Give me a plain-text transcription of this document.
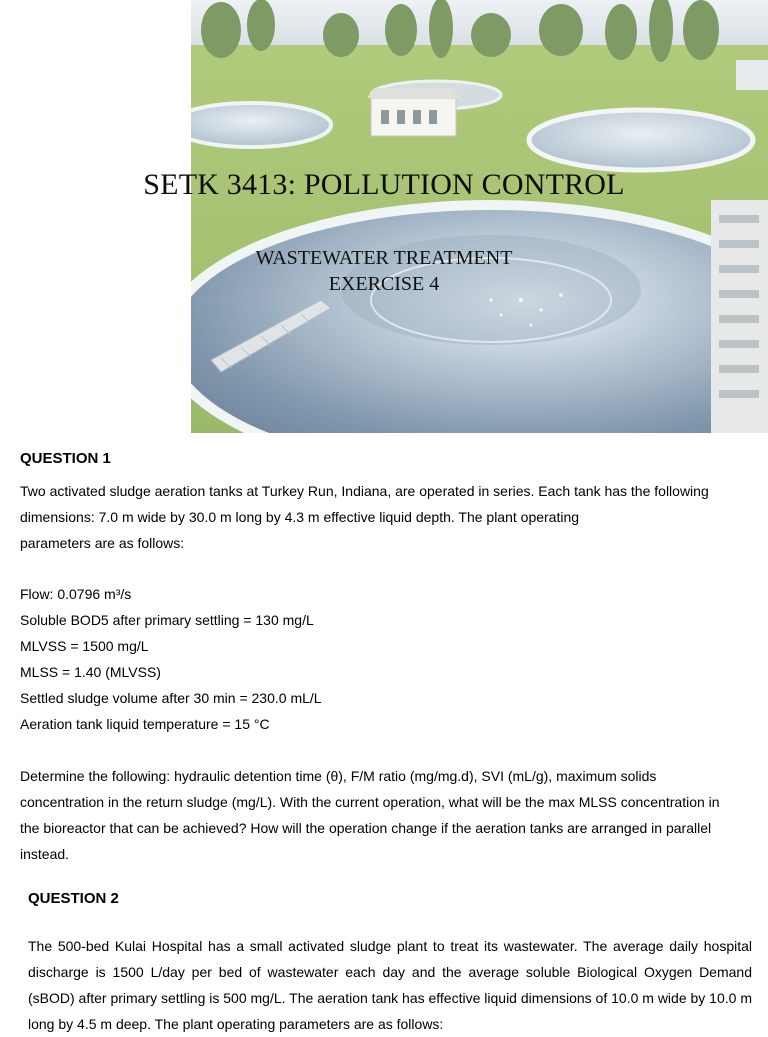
SETK 3413: POLLUTION CONTROL
WASTEWATER TREATMENT
EXERCISE 4
QUESTION 1
Two activated sludge aeration tanks at Turkey Run, Indiana, are operated in series. Each tank has the following
dimensions: 7.0 m wide by 30.0 m long by 4.3 m effective liquid depth. The plant operating
parameters are as follows:
Flow: 0.0796 m³/s
Soluble BOD5 after primary settling = 130 mg/L
MLVSS = 1500 mg/L
MLSS = 1.40 (MLVSS)
Settled sludge volume after 30 min = 230.0 mL/L
Aeration tank liquid temperature = 15 °C
Determine the following: hydraulic detention time (θ), F/M ratio (mg/mg.d), SVI (mL/g), maximum solids
concentration in the return sludge (mg/L). With the current operation, what will be the max MLSS concentration in
the bioreactor that can be achieved? How will the operation change if the aeration tanks are arranged in parallel
instead.
QUESTION 2

The 500-bed Kulai Hospital has a small activated sludge plant to treat its wastewater. The average daily hospital discharge is 1500 L/day per bed of wastewater each day and the average soluble Biological Oxygen Demand (sBOD) after primary settling is 500 mg/L. The aeration tank has effective liquid dimensions of 10.0 m wide by 10.0 m long by 4.5 m deep. The plant operating parameters are as follows:
